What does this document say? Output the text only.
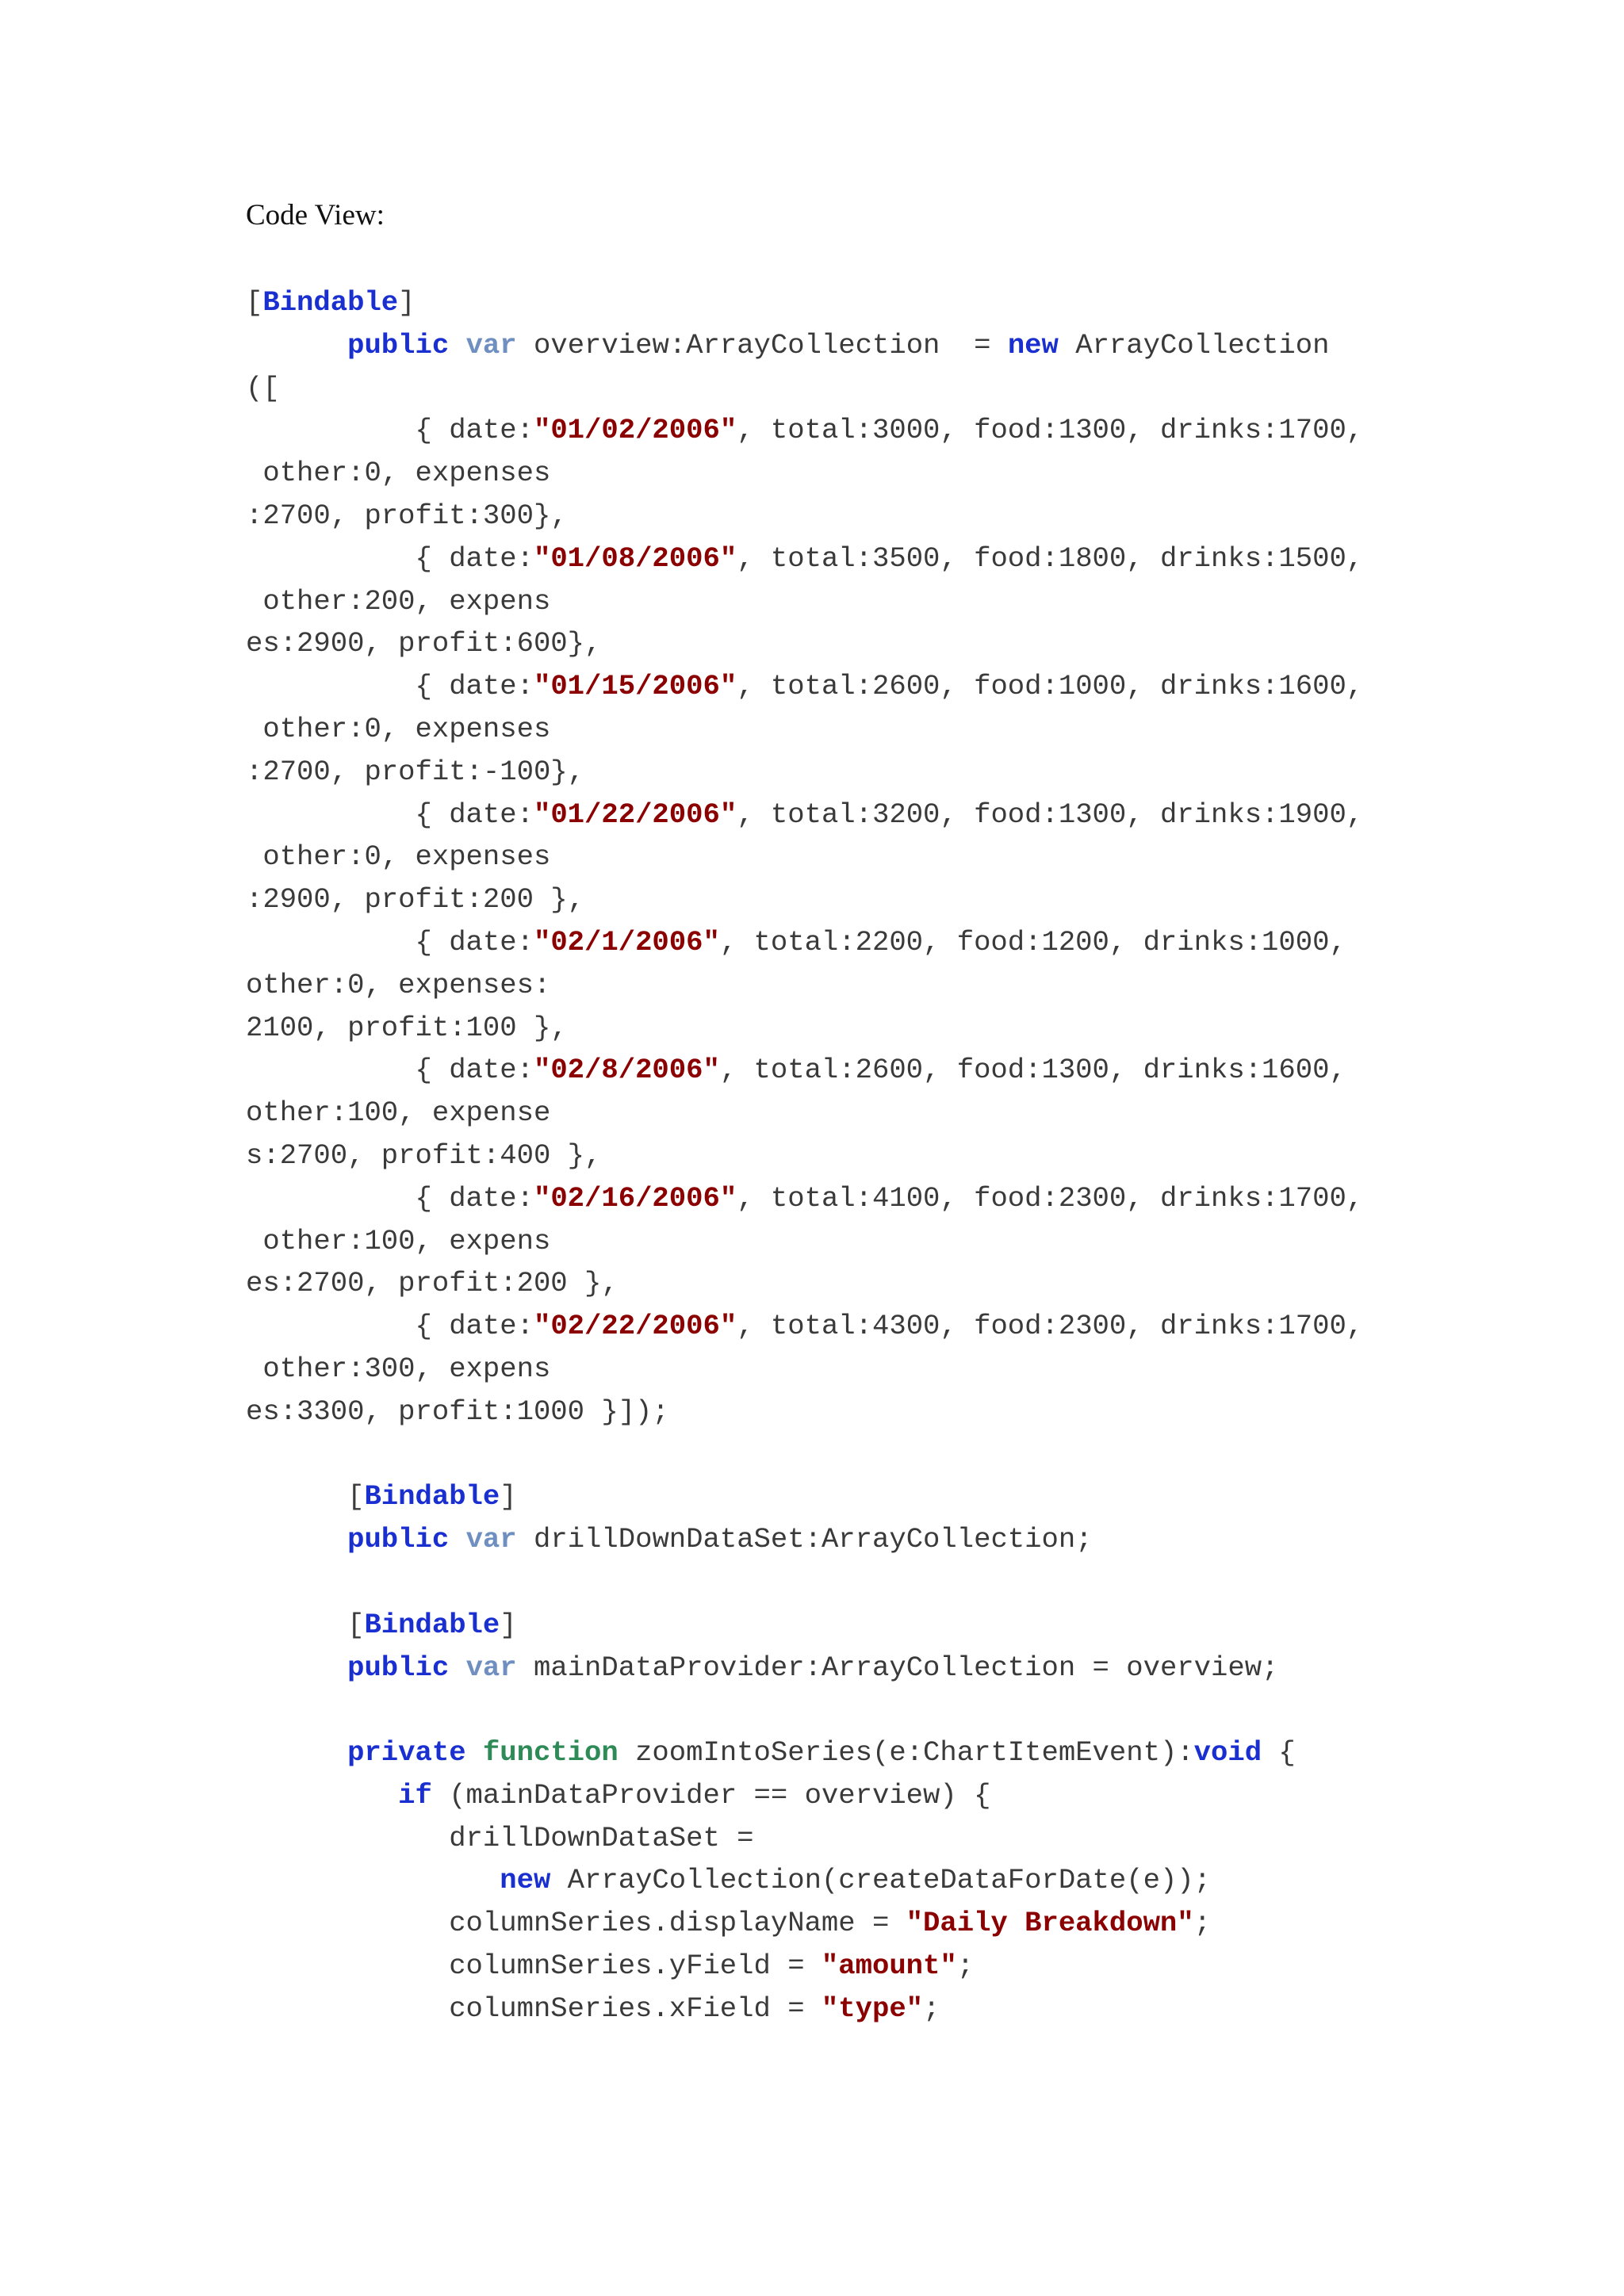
Code View:
[Bindable]
public var overview:ArrayCollection  = new ArrayCollection
([
{ date:"01/02/2006", total:3000, food:1300, drinks:1700,
other:0, expenses
:2700, profit:300},
{ date:"01/08/2006", total:3500, food:1800, drinks:1500,
other:200, expens
es:2900, profit:600},
{ date:"01/15/2006", total:2600, food:1000, drinks:1600,
other:0, expenses
:2700, profit:-100},
{ date:"01/22/2006", total:3200, food:1300, drinks:1900,
other:0, expenses
:2900, profit:200 },
{ date:"02/1/2006", total:2200, food:1200, drinks:1000,
other:0, expenses:
2100, profit:100 },
{ date:"02/8/2006", total:2600, food:1300, drinks:1600,
other:100, expense
s:2700, profit:400 },
{ date:"02/16/2006", total:4100, food:2300, drinks:1700,
other:100, expens
es:2700, profit:200 },
{ date:"02/22/2006", total:4300, food:2300, drinks:1700,
other:300, expens
es:3300, profit:1000 }]);
[Bindable]
public var drillDownDataSet:ArrayCollection;
[Bindable]
public var mainDataProvider:ArrayCollection = overview;
private function zoomIntoSeries(e:ChartItemEvent):void {
if (mainDataProvider == overview) {
drillDownDataSet =
new ArrayCollection(createDataForDate(e));
columnSeries.displayName = "Daily Breakdown";
columnSeries.yField = "amount";
columnSeries.xField = "type";
